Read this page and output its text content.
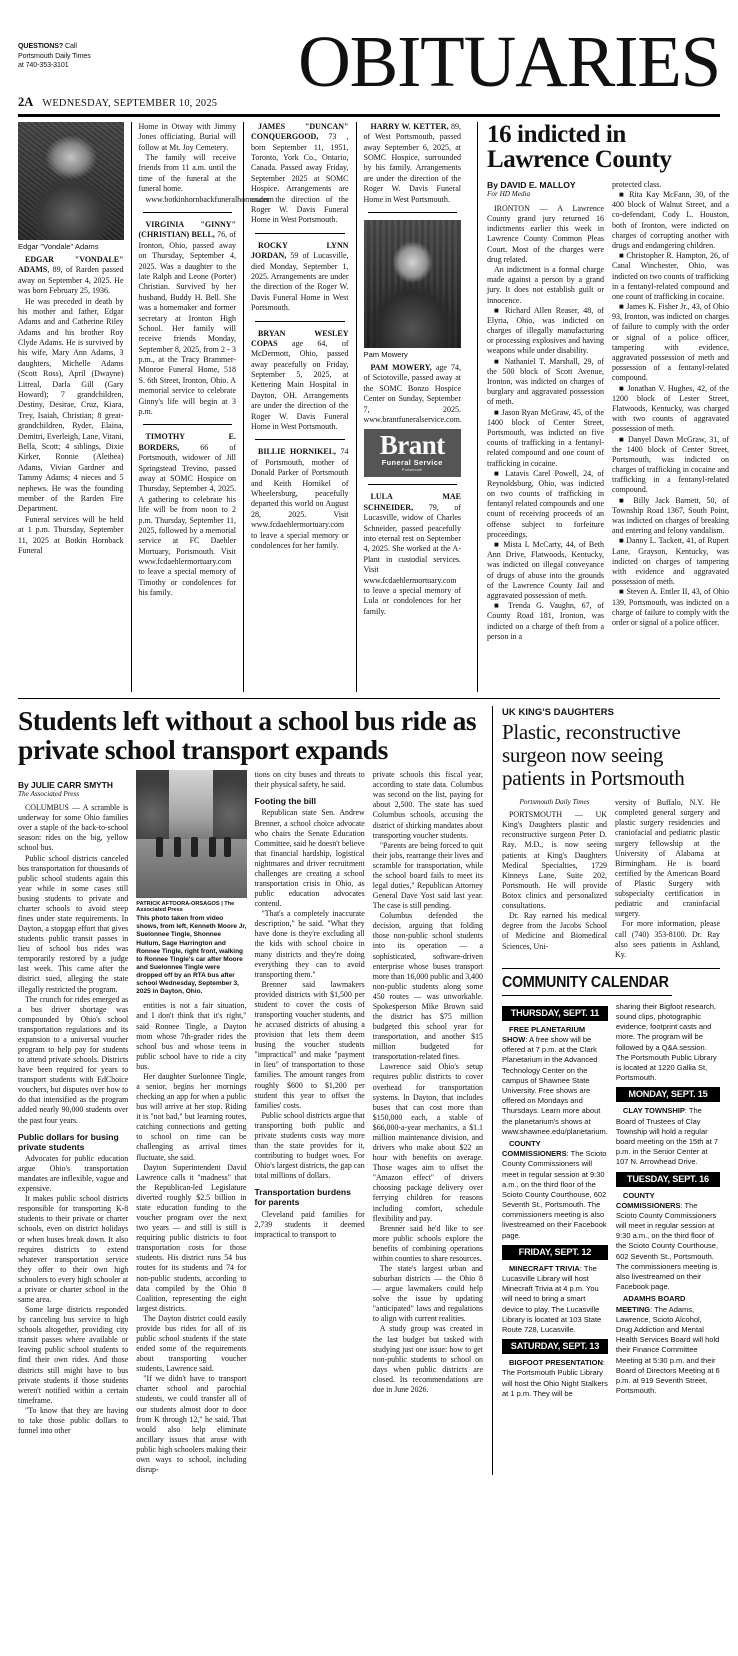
QUESTIONS? Call
Portsmouth Daily Times
at 740-353-3101	OBITUARIES
2A WEDNESDAY, SEPTEMBER 10, 2025
Edgar "Vondale" Adams

EDGAR "VONDALE" ADAMS, 89, of Rarden passed away on September 4, 2025. He was born February 25, 1936.

He was preceded in death by his mother and father, Edgar Adams and and Catherine Riley Adams and his brother Roy Clyde Adams. He is survived by his wife, Mary Ann Adams, 3 daughters, Michelle Adams (Scott Ross), April (Dwayne) Litreal, Darla Gill (Gary Howard); 7 grandchildren, Destiny, Desirae, Cruz, Kiara, Trey, Isaiah, Christian; 8 great-grandchildren, Ryder, Elaina, Demitri, Everleigh, Lane, Vitani, Bella, Scott; 4 siblings, Dixie Kirker, Ronnie (Alethea) Adams, Vivian Gardner and Tammy Adams; 4 nieces and 5 nephews. He was the founding member of the Rarden Fire Department.

Funeral services will be held at 1 p.m. Thursday, September 11, 2025 at Botkin Hornback Funeral

Home in Otway with Jimmy Jones officiating. Burial will follow at Mt. Joy Cemetery.

The family will receive friends from 11 a.m. until the time of the funeral at the funeral home.

www.botkinhornbackfuneralhomes.com

VIRGINIA "GINNY" (CHRISTIAN) BELL, 76, of Ironton, Ohio, passed away on Thursday, September 4, 2025. Was a daughter to the late Ralph and Leone (Porter) Christian. Survived by her husband, Buddy H. Bell. She was a homemaker and former secretary at Ironton High School. Her family will receive friends Monday, September 8, 2025, from 2 - 3 p.m., at the Tracy Brammer-Monroe Funeral Home, 518 S. 6th Street, Ironton, Ohio. A memorial service to celebrate Ginny's life will begin at 3 p.m.

TIMOTHY E. BORDERS, 66 of Portsmouth, widower of Jill Springstead Trevino, passed away at SOMC Hospice on Thursday, September 4, 2025. A gathering to celebrate his life will be from noon to 2 p.m. Thursday, September 11, 2025, followed by a memorial service at FC Daehler Mortuary, Portsmouth. Visit www.fcdaehlermortuary.com to leave a special memory of Timothy or condolences for his family.

JAMES "DUNCAN" CONQUERGOOD, 73 , born September 11, 1951, Toronto, York Co., Ontario, Canada. Passed away Friday, September 2025 at SOMC Hospice. Arrangements are under the direction of the Roger W. Davis Funeral Home in West Portsmouth.

ROCKY LYNN JORDAN, 59 of Lucasville, died Monday, September 1, 2025. Arrangements are under the direction of the Roger W. Davis Funeral Home in West Portsmouth.

BRYAN WESLEY COPAS age 64, of McDermott, Ohio, passed away peacefully on Friday, September 5, 2025, at Kettering Main Hospital in Dayton, OH. Arrangements are under the direction of the Roger W. Davis Funeral Home in West Portsmouth.

BILLIE HORNIKEL, 74 of Portsmouth, mother of Donald Parker of Portsmouth and Keith Hornikel of Wheelersburg, peacefully departed this world on August 28, 2025. Visit www.fcdaehlermortuary.com to leave a special memory or condolences for her family.

HARRY W. KETTER, 89, of West Portsmouth, passed away September 6, 2025, at SOMC Hospice, surrounded by his family. Arrangements are under the direction of the Roger W. Davis Funeral Home in West Portsmouth.

Pam Mowery

PAM MOWERY, age 74, of Sciotoville, passed away at the SOMC Bonzo Hospice Center on Sunday, September 7, 2025. www.brantfuneralservice.com.

Brant
Funeral Service
Portsmouth

LULA MAE SCHNEIDER, 79, of Lucasville, widow of Charles Schneider, passed peacefully into eternal rest on September 4, 2025. She worked at the A-Plant in custodial services. Visit www.fcdaehlermortuary.com to leave a special memory of Lula or condolences for her family.

16 indicted in Lawrence County
By DAVID E. MALLOY
For HD Media

IRONTON — A Lawrence County grand jury returned 16 indictments earlier this week in Lawrence County Common Pleas Court. Most of the charges were drug related.

An indictment is a formal charge made against a person by a grand jury. It does not establish guilt or innocence.

■ Richard Allen Reaser, 48, of Elyria, Ohio, was indicted on charges of illegally manufacturing or processing explosives and having weapons while under disability.

■ Nathaniel T. Marshall, 29, of the 500 block of Scott Avenue, Ironton, was indicted on charges of burglary and aggravated possession of meth.

■ Jason Ryan McGraw, 45, of the 1400 block of Center Street, Portsmouth, was indicted on five counts of trafficking in a fentanyl-related compound and one count of trafficking in cocaine.

■ Latavis Carel Powell, 24, of Reynoldsburg, Ohio, was indicted on two counts of trafficking in fentanyl related compounds and one count of receiving proceeds of an offense subject to forfeiture proceedings.

■ Mista L McCarty, 44, of Beth Ann Drive, Flatwoods, Kentucky, was indicted on illegal conveyance of drugs of abuse into the grounds of the Lawrence County Jail and aggravated possession of meth.

■ Trenda G. Vaughn, 67, of County Road 181, Ironton, was indicted on a charge of theft from a person in a

protected class.

■ Rita Kay McFann, 30, of the 400 block of Walnut Street, and a co-defendant, Cody L. Houston, both of Ironton, were indicted on charges of corrupting another with drugs and endangering children.

■ Christopher R. Hampton, 26, of Canal Winchester, Ohio, was indicted on two counts of trafficking in a fentanyl-related compound and one count of trafficking in cocaine.

■ James K. Fisher Jr., 43, of Ohio 93, Ironton, was indicted on charges of failure to comply with the order or signal of a police officer, tampering with evidence, aggravated possession of meth and possession of a fentanyl-related compound.

■ Jonathan V. Hughes, 42, of the 1200 block of Lester Street, Flatwoods, Kentucky, was charged with two counts of aggravated possession of meth.

■ Danyel Dawn McGraw, 31, of the 1400 block of Center Street, Portsmouth, was indicted on charges of trafficking in cocaine and trafficking in a fentanyl-related compound.

■ Billy Jack Barnett, 50, of Township Road 1367, South Point, was indicted on charges of breaking and entering and felony vandalism.

■ Danny L. Tackett, 41, of Rupert Lane, Grayson, Kentucky, was indicted on charges of tampering with evidence and aggravated possession of meth.

■ Steven A. Entler II, 43, of Ohio 139, Portsmouth, was indicted on a charge of failure to comply with the order or signal of a police officer.

Students left without a school bus ride as private school transport expands
By JULIE CARR SMYTH
The Associated Press

COLUMBUS — A scramble is underway for some Ohio families over a staple of the back-to-school season: rides on the big, yellow school bus.

Public school districts canceled bus transportation for thousands of public school students again this year while in some cases still busing students to private and charter schools to avoid steep fines under state requirements. In Dayton, a stopgap effort that gives students public transit passes in lieu of school bus rides was temporarily restored by a judge last week. This came after the district sued, alleging the state illegally restricted the program.

The crunch for rides emerged as a bus driver shortage was compounded by Ohio's school transportation regulations and its expansion to a universal voucher program to help pay for students to attend private schools. Districts have been required for years to transport students with EdChoice vouchers, but disputes over how to do that intensified as the program added nearly 90,000 students over the past four years.

Public dollars for busing private students

Advocates for public education argue Ohio's transportation mandates are inflexible, vague and expensive.

It makes public school districts responsible for transporting K-8 students to their private or charter schools, even on district holidays or when buses break down. It also requires districts to extend whatever transportation service they offer to their own high schoolers to every high schooler at a private or charter school in the same area.

Some large districts responded by canceling bus service to high schools altogether, providing city transit passes where available or leaving public school students to find their own rides. And those districts still might have to bus private students if those students weren't notified within a certain timeframe.

"To know that they are having to take those public dollars to funnel into other

PATRICK AFTOORA-ORSAGOS | The Associated Press
This photo taken from video shows, from left, Kenneth Moore Jr, Suelonnee Tingle, Shonnee Hullum, Sage Harrington and Ronnee Tingle, right front, walking to Ronnee Tingle's car after Moore and Suelonnee Tingle were dropped off by an RTA bus after school Wednesday, September 3, 2025 in Dayton, Ohio.

entities is not a fair situation, and I don't think that it's right," said Ronnee Tingle, a Dayton mom whose 7th-grader rides the school bus and whose teens in public school have to ride a city bus.

Her daughter Suelonnee Tingle, a senior, begins her mornings checking an app for when a public bus will arrive at her stop. Riding it is "not bad," but learning routes, catching connections and getting to school on time can be challenging as arrival times fluctuate, she said.

Dayton Superintendent David Lawrence calls it "madness" that the Republican-led Legislature diverted roughly $2.5 billion in state education funding to the voucher program over the next two years — and still is still is requiring public districts to foot transportation costs for those students. His district runs 54 bus routes for its students and 74 for non-public students, according to data compiled by the Ohio 8 Coalition, representing the eight largest districts.

The Dayton district could easily provide bus rides for all of its public school students if the state ended some of the requirements about transporting voucher students, Lawrence said.

"If we didn't have to transport charter school and parochial students, we could transfer all of our students almost door to door from K through 12," he said. That would also help eliminate ancillary issues that arose with public high schoolers making their own ways to school, including disrup-

tions on city buses and threats to their physical safety, he said.

Footing the bill

Republican state Sen. Andrew Brenner, a school choice advocate who chairs the Senate Education Committee, said he doesn't believe that financial hardship, logistical nightmares and driver recruitment challenges are creating a school transportation crisis in Ohio, as public education advocates contend.

"That's a completely inaccurate description," he said. "What they have done is they're excluding all the kids with school choice in many districts and they're doing everything they can to avoid transporting them."

Brenner said lawmakers provided districts with $1,500 per student to cover the costs of transporting voucher students, and he accused districts of abusing a provision that lets them deem busing the voucher students "impractical" and make "payment in lieu" of transportation to those families. The amount ranges from roughly $600 to $1,200 per student this year to offset the families' costs.

Public school districts argue that transporting both public and private students costs way more than the state provides for it, contributing to budget woes. For Ohio's largest districts, the gap can total millions of dollars.

Transportation burdens for parents

Cleveland paid families for 2,739 students it deemed impractical to transport to

private schools this fiscal year, according to state data. Columbus was second on the list, paying for about 2,500. The state has sued Columbus schools, accusing the district of shirking mandates about transporting voucher students.

"Parents are being forced to quit their jobs, rearrange their lives and scramble for transportation, while the school board fails to meet its legal duties," Republican Attorney General Dave Yost said last year. The case is still pending.

Columbus defended the decision, arguing that folding those non-public school students into its operation — a sophisticated, software-driven enterprise whose buses transport more than 16,000 public and 3,400 non-public students along some 450 routes — was unworkable. Spokesperson Mike Brown said the district has $75 million budgeted this school year for transportation, and another $15 million budgeted for transportation-related fines.

Lawrence said Ohio's setup requires public districts to cover overhead for transportation systems. In Dayton, that includes buses that can cost more than $150,000 each, a stable of $66,000-a-year mechanics, a $1.1 million maintenance division, and drivers who make about $22 an hour with benefits on average. Those wages aim to offset the "Amazon effect" of drivers choosing package delivery over ferrying children for reasons including comfort, schedule flexibility and pay.

Brenner said he'd like to see more public schools explore the benefits of combining operations within counties to share resources.

The state's largest urban and suburban districts — the Ohio 8 — argue lawmakers could help solve the issue by updating "anticipated" laws and regulations to align with current realities.

A study group was created in the last budget but tasked with studying just one issue: how to get non-public students to school on days when public districts are closed. Its recommendations are due in June 2026.

UK KING'S DAUGHTERS
Plastic, reconstructive surgeon now seeing patients in Portsmouth
Portsmouth Daily Times

PORTSMOUTH — UK King's Daughters plastic and reconstructive surgeon Peter D. Ray, M.D., is now seeing patients at King's Daughters Medical Specialties, 1729 Kinneys Lane, Suite 202, Portsmouth. He will provide Botox clinics and personalized consultations.

Dr. Ray earned his medical degree from the Jacobs School of Medicine and Biomedical Sciences, Uni-

versity of Buffalo, N.Y. He completed general surgery and plastic surgery residencies and craniofacial and pediatric plastic surgery fellowship at the University of Alabama at Birmingham. He is board certified by the American Board of Plastic Surgery with subspecialty certification in pediatric and craniofacial surgery.

For more information, please call (740) 353-8100. Dr. Ray also sees patients in Ashland, Ky.

COMMUNITY CALENDAR
THURSDAY, SEPT. 11

FREE PLANETARIUM SHOW: A free show will be offered at 7 p.m. at the Clark Planetarium in the Advanced Technology Center on the campus of Shawnee State University. Free shows are offered on Mondays and Thursdays. Learn more about the planetarium's shows at www.shawnee.edu/planetarium.

COUNTY COMMISSIONERS: The Scioto County Commissioners will meet in regular session at 9:30 a.m., on the third floor of the Scioto County Courthouse, 602 Seventh St., Portsmouth. The commissioners meeting is also livestreamed on their Facebook page.

FRIDAY, SEPT. 12

MINECRAFT TRIVIA: The Lucasville Library will host Minecraft Trivia at 4 p.m. You will need to bring a smart device to play. The Lucasville Library is located at 103 State Route 728, Lucasville.

SATURDAY, SEPT. 13

BIGFOOT PRESENTATION: The Portsmouth Public Library will host the Ohio Night Stalkers at 1 p.m. They will be

sharing their Bigfoot research, sound clips, photographic evidence, footprint casts and more. The program will be followed by a Q&A session. The Portsmouth Public Library is located at 1220 Gallia St, Portsmouth.

MONDAY, SEPT. 15

CLAY TOWNSHIP: The Board of Trustees of Clay Township will hold a regular board meeting on the 15th at 7 p.m. in the Senior Center at 107 N. Arrowhead Drive.

TUESDAY, SEPT. 16

COUNTY COMMISSIONERS: The Scioto County Commissioners will meet in regular session at 9:30 a.m., on the third floor of the Scioto County Courthouse, 602 Seventh St., Portsmouth. The commissioners meeting is also livestreamed on their Facebook page.

ADAMHS BOARD MEETING: The Adams, Lawrence, Scioto Alcohol, Drug Addiction and Mental Health Services Board will hold their Finance Committee Meeting at 5:30 p.m. and their Board of Directors Meeting at 6 p.m. at 919 Seventh Street, Portsmouth.
